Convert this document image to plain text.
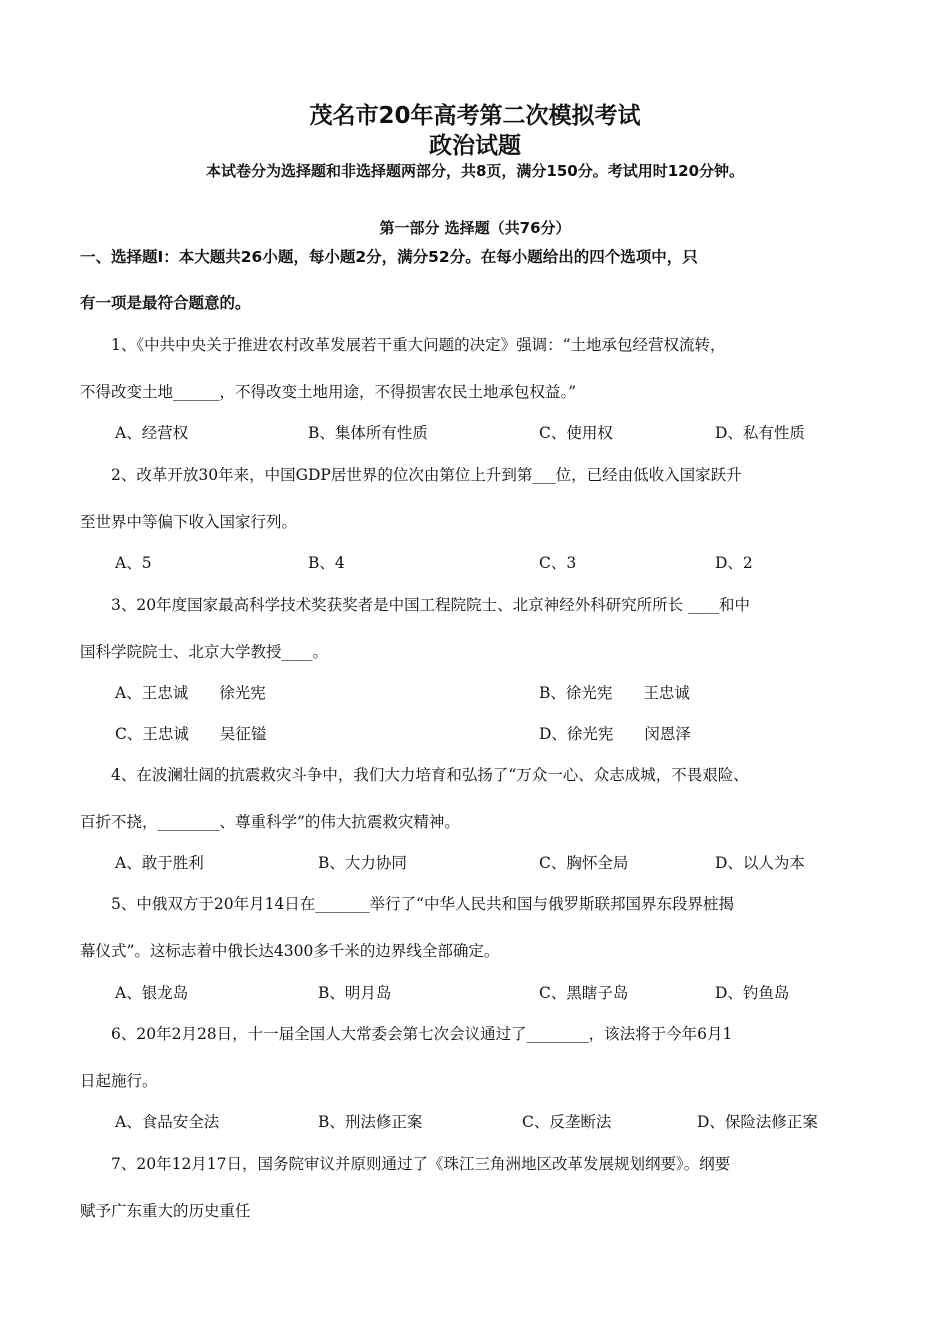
茂名市20年高考第二次模拟考试
政治试题
本试卷分为选择题和非选择题两部分，共8页，满分150分。考试用时120分钟。
第一部分 选择题（共76分）
一、选择题Ⅰ：本大题共26小题，每小题2分，满分52分。在每小题给出的四个选项中，只
有一项是最符合题意的。
1、《中共中央关于推进农村改革发展若干重大问题的决定》强调：“土地承包经营权流转，
不得改变土地______，不得改变土地用途，不得损害农民土地承包权益。”
A、经营权	B、集体所有性质	C、使用权	D、私有性质
2、改革开放30年来，中国GDP居世界的位次由第位上升到第___位，已经由低收入国家跃升
至世界中等偏下收入国家行列。
A、5	B、4	C、3	D、2
3、20年度国家最高科学技术奖获奖者是中国工程院院士、北京神经外科研究所所长 ____和中
国科学院院士、北京大学教授____。
A、王忠诚　　徐光宪	B、徐光宪　　王忠诚
C、王忠诚　　吴征镒	D、徐光宪　　闵恩泽
4、在波澜壮阔的抗震救灾斗争中，我们大力培育和弘扬了“万众一心、众志成城，不畏艰险、
百折不挠，________、尊重科学”的伟大抗震救灾精神。
A、敢于胜利	B、大力协同	C、胸怀全局	D、以人为本
5、中俄双方于20年月14日在_______举行了“中华人民共和国与俄罗斯联邦国界东段界桩揭
幕仪式”。这标志着中俄长达4300多千米的边界线全部确定。
A、银龙岛	B、明月岛	C、黑瞎子岛	D、钓鱼岛
6、20年2月28日，十一届全国人大常委会第七次会议通过了________，该法将于今年6月1
日起施行。
A、食品安全法	B、刑法修正案	C、反垄断法	D、保险法修正案
7、20年12月17日，国务院审议并原则通过了《珠江三角洲地区改革发展规划纲要》。纲要
赋予广东重大的历史重任
